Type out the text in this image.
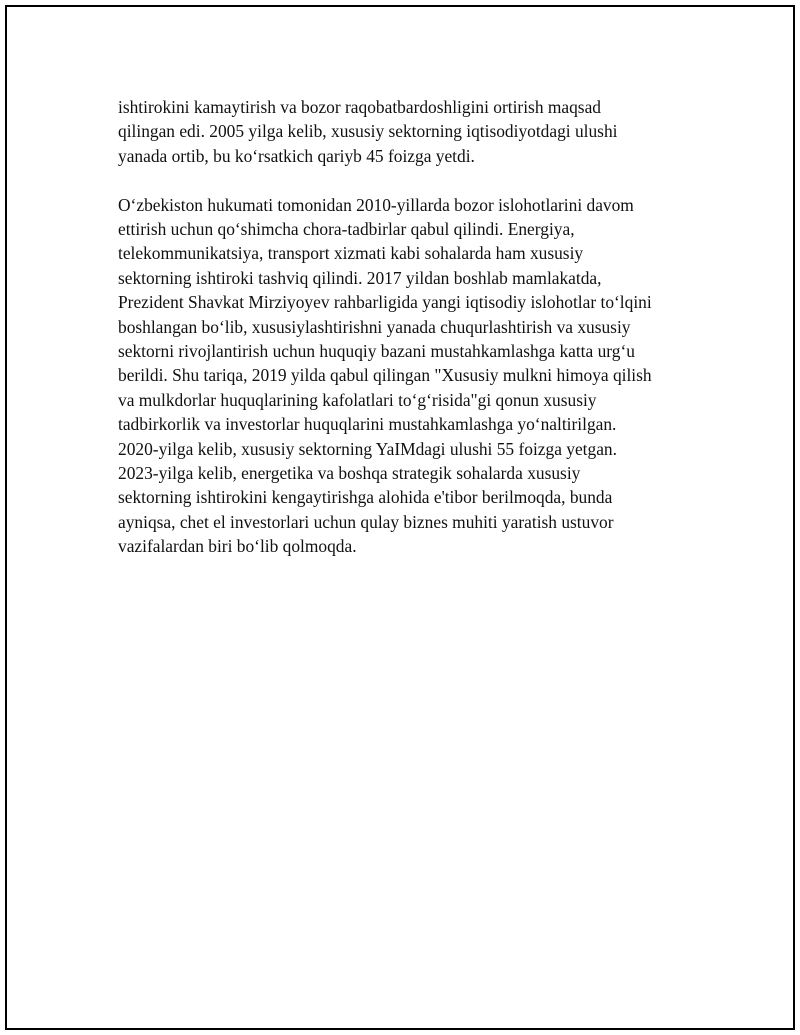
ishtirokini kamaytirish va bozor raqobatbardoshligini ortirish maqsad
qilingan edi. 2005 yilga kelib, xususiy sektorning iqtisodiyotdagi ulushi
yanada ortib, bu ko‘rsatkich qariyb 45 foizga yetdi.
O‘zbekiston hukumati tomonidan 2010-yillarda bozor islohotlarini davom
ettirish uchun qo‘shimcha chora-tadbirlar qabul qilindi. Energiya,
telekommunikatsiya, transport xizmati kabi sohalarda ham xususiy
sektorning ishtiroki tashviq qilindi. 2017 yildan boshlab mamlakatda,
Prezident Shavkat Mirziyoyev rahbarligida yangi iqtisodiy islohotlar to‘lqini
boshlangan bo‘lib, xususiylashtirishni yanada chuqurlashtirish va xususiy
sektorni rivojlantirish uchun huquqiy bazani mustahkamlashga katta urg‘u
berildi. Shu tariqa, 2019 yilda qabul qilingan "Xususiy mulkni himoya qilish
va mulkdorlar huquqlarining kafolatlari to‘g‘risida"gi qonun xususiy
tadbirkorlik va investorlar huquqlarini mustahkamlashga yo‘naltirilgan.
2020-yilga kelib, xususiy sektorning YaIMdagi ulushi 55 foizga yetgan.
2023-yilga kelib, energetika va boshqa strategik sohalarda xususiy
sektorning ishtirokini kengaytirishga alohida e'tibor berilmoqda, bunda
ayniqsa, chet el investorlari uchun qulay biznes muhiti yaratish ustuvor
vazifalardan biri bo‘lib qolmoqda.
